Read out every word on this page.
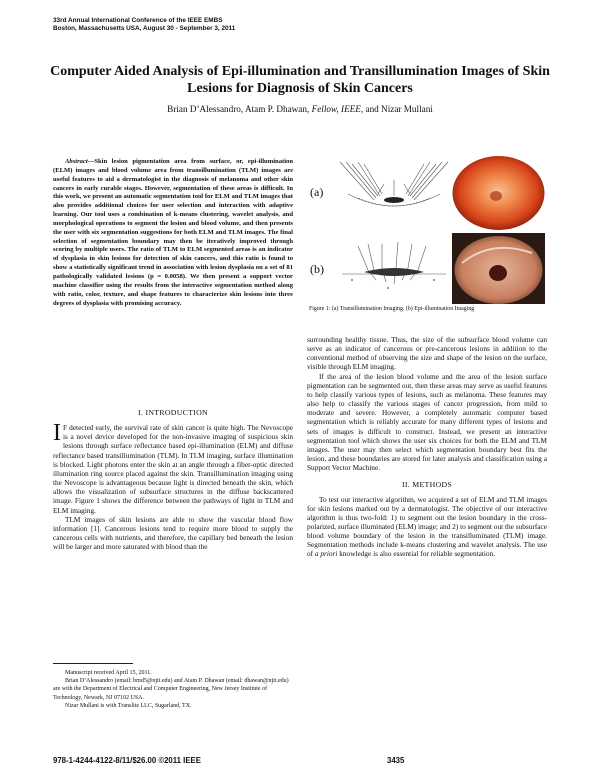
33rd Annual International Conference of the IEEE EMBS
Boston, Massachusetts USA, August 30 - September 3, 2011
Computer Aided Analysis of Epi-illumination and Transillumination Images of Skin Lesions for Diagnosis of Skin Cancers
Brian D’Alessandro, Atam P. Dhawan, Fellow, IEEE, and Nizar Mullani

Abstract—Skin lesion pigmentation area from surface, or, epi-illumination (ELM) images and blood volume area from transillumination (TLM) images are useful features to aid a dermatologist in the diagnosis of melanoma and other skin cancers in early curable stages. However, segmentation of these areas is difficult. In this work, we present an automatic segmentation tool for ELM and TLM images that also provides additional choices for user selection and interaction with adaptive learning. Our tool uses a combination of k-means clustering, wavelet analysis, and morphological operations to segment the lesion and blood volume, and then presents the user with six segmentation suggestions for both ELM and TLM images. The final selection of segmentation boundary may then be iteratively improved through scoring by multiple users. The ratio of TLM to ELM segmented areas is an indicator of dysplasia in skin lesions for detection of skin cancers, and this ratio is found to show a statistically significant trend in association with lesion dysplasia on a set of 81 pathologically validated lesions (p = 0.0058). We then present a support vector machine classifier using the results from the interactive segmentation method along with ratio, color, texture, and shape features to characterize skin lesions into three degrees of dysplasia with promising accuracy.

I. INTRODUCTION

I F detected early, the survival rate of skin cancer is quite high. The Nevoscope is a novel device developed for the non-invasive imaging of suspicious skin lesions through surface reflectance based epi-illumination (ELM) and diffuse reflectance based transillumination (TLM). In TLM imaging, surface illumination is blocked. Light photons enter the skin at an angle through a fiber-optic directed illumination ring source placed against the skin. Transillumination imaging using the Nevoscope is advantageous because light is directed beneath the skin, which allows the visualization of subsurface structures in the diffuse backscattered image. Figure 1 shows the difference between the pathways of light in TLM and ELM imaging.

TLM images of skin lesions are able to show the vascular blood flow information [1]. Cancerous lesions tend to require more blood to supply the cancerous cells with nutrients, and therefore, the capillary bed beneath the lesion will be larger and more saturated with blood than the

(a)
(b)
Figure 1: (a) Transillumination Imaging. (b) Epi-illumination Imaging

surrounding healthy tissue. Thus, the size of the subsurface blood volume can serve as an indicator of cancerous or pre-cancerous lesions in addition to the conventional method of observing the size and shape of the lesion on the surface, visible through ELM imaging.

If the area of the lesion blood volume and the area of the lesion surface pigmentation can be segmented out, then these areas may serve as useful features to help classify various types of lesions, such as melanoma. These features may also help to classify the various stages of cancer progression, from mild to moderate and severe. However, a completely automatic computer based segmentation which is reliably accurate for many different types of lesions and sets of images is difficult to construct. Instead, we present an interactive segmentation tool which shows the user six choices for both the ELM and TLM images. The user may then select which segmentation boundary best fits the lesion, and these boundaries are stored for later analysis and classification using a Support Vector Machine.

II. METHODS

To test our interactive algorithm, we acquired a set of ELM and TLM images for skin lesions marked out by a dermatologist. The objective of our interactive algorithm is thus two-fold: 1) to segment out the lesion boundary in the cross-polarized, surface illuminated (ELM) image; and 2) to segment out the subsurface blood volume boundary of the lesion in the transilluminated (TLM) image. Segmentation methods include k-means clustering and wavelet analysis. The use of a priori knowledge is also essential for reliable segmentation.

Manuscript received April 15, 2011.

Brian D’Alessandro (email: bmd5@njit.edu) and Atam P. Dhawan (email: dhawan@njit.edu) are with the Department of Electrical and Computer Engineering, New Jersey Institute of Technology, Newark, NJ 07102 USA.

Nizar Mullani is with Translite LLC, Sugarland, TX.

978-1-4244-4122-8/11/$26.00 ©2011 IEEE	3435
